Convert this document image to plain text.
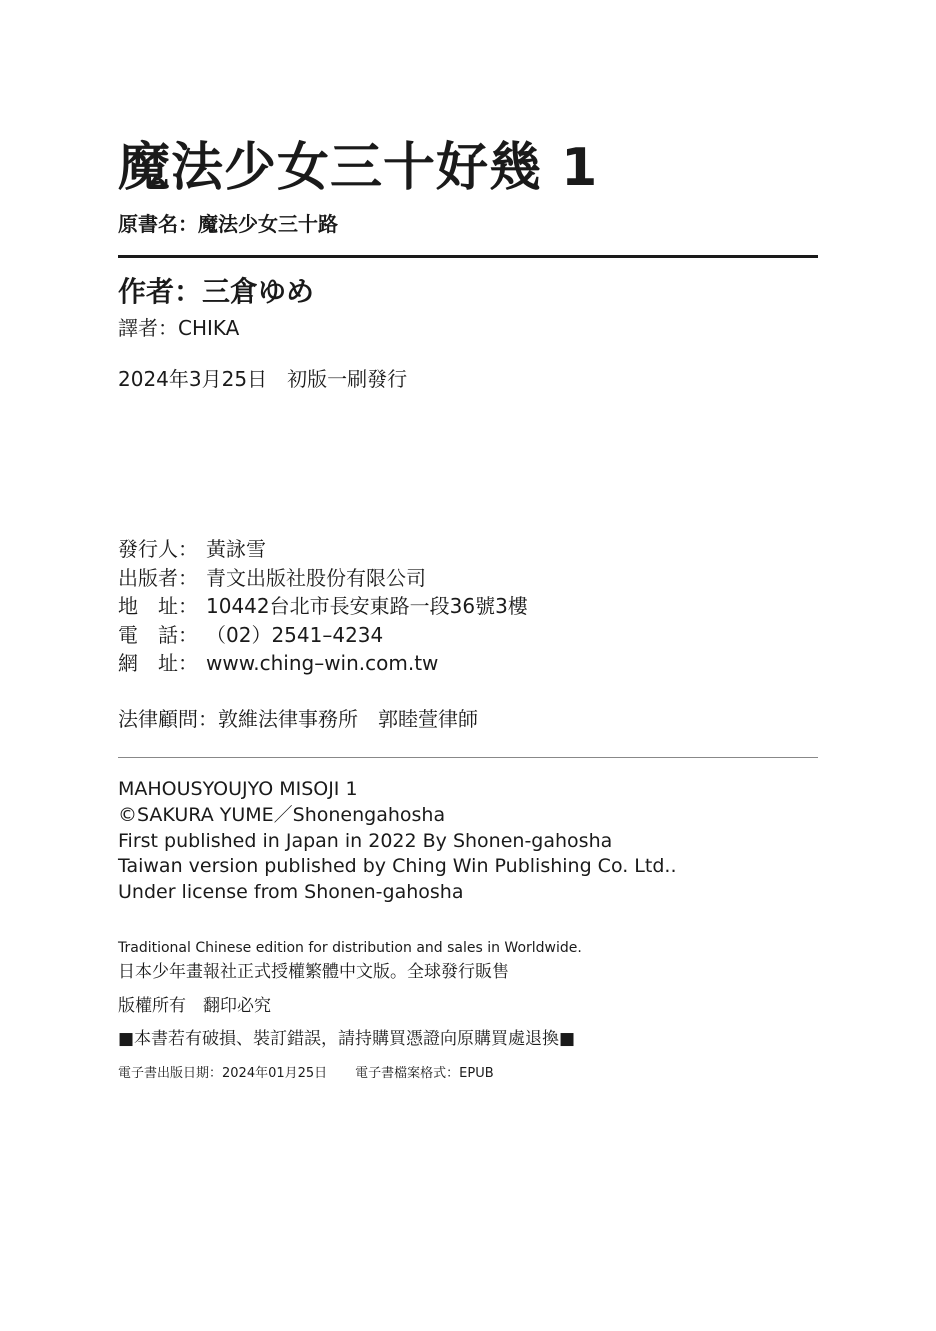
魔法少女三十好幾 1
原書名：魔法少女三十路
作者：三倉ゆめ
譯者：CHIKA
2024年3月25日　初版一刷發行
發行人： 黃詠雪
出版者： 青文出版社股份有限公司
地　址： 10442台北市長安東路一段36號3樓
電　話： （02）2541–4234
網　址： www.ching–win.com.tw
法律顧問：敦維法律事務所　郭睦萱律師
MAHOUSYOUJYO MISOJI 1
©SAKURA YUME／Shonengahosha
First published in Japan in 2022 By Shonen-gahosha
Taiwan version published by Ching Win Publishing Co. Ltd..
Under license from Shonen-gahosha
Traditional Chinese edition for distribution and sales in Worldwide.
日本少年畫報社正式授權繁體中文版。全球發行販售
版權所有　翻印必究
■本書若有破損、裝訂錯誤，請持購買憑證向原購買處退換■
電子書出版日期：2024年01月25日 電子書檔案格式：EPUB
